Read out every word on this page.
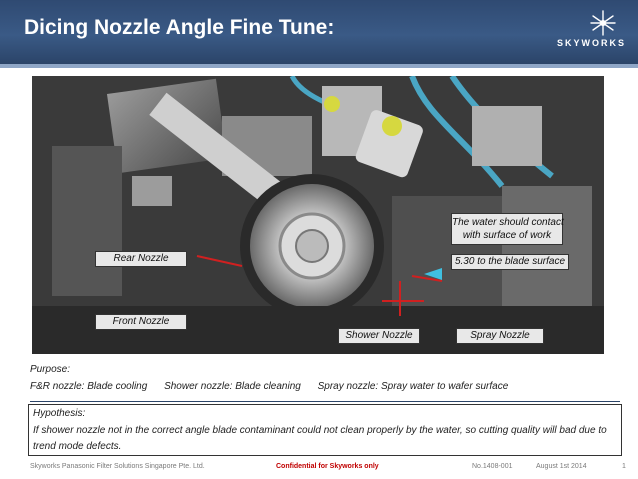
Dicing Nozzle Angle Fine Tune:
SKYWORKS
Rear Nozzle
Front Nozzle
Shower Nozzle	Spray Nozzle
The water should contact
with surface of work
5.30 to the blade surface
Purpose:
F&R nozzle: Blade cooling Shower nozzle: Blade cleaning Spray nozzle: Spray water to wafer surface
Hypothesis:
If shower nozzle not in the correct angle blade contaminant could not clean properly by the water, so cutting quality will bad due to trend mode defects.
Skyworks Panasonic Filter Solutions Singapore Pte. Ltd.	Confidential for Skyworks only	No.1408-001	August 1st 2014	1
